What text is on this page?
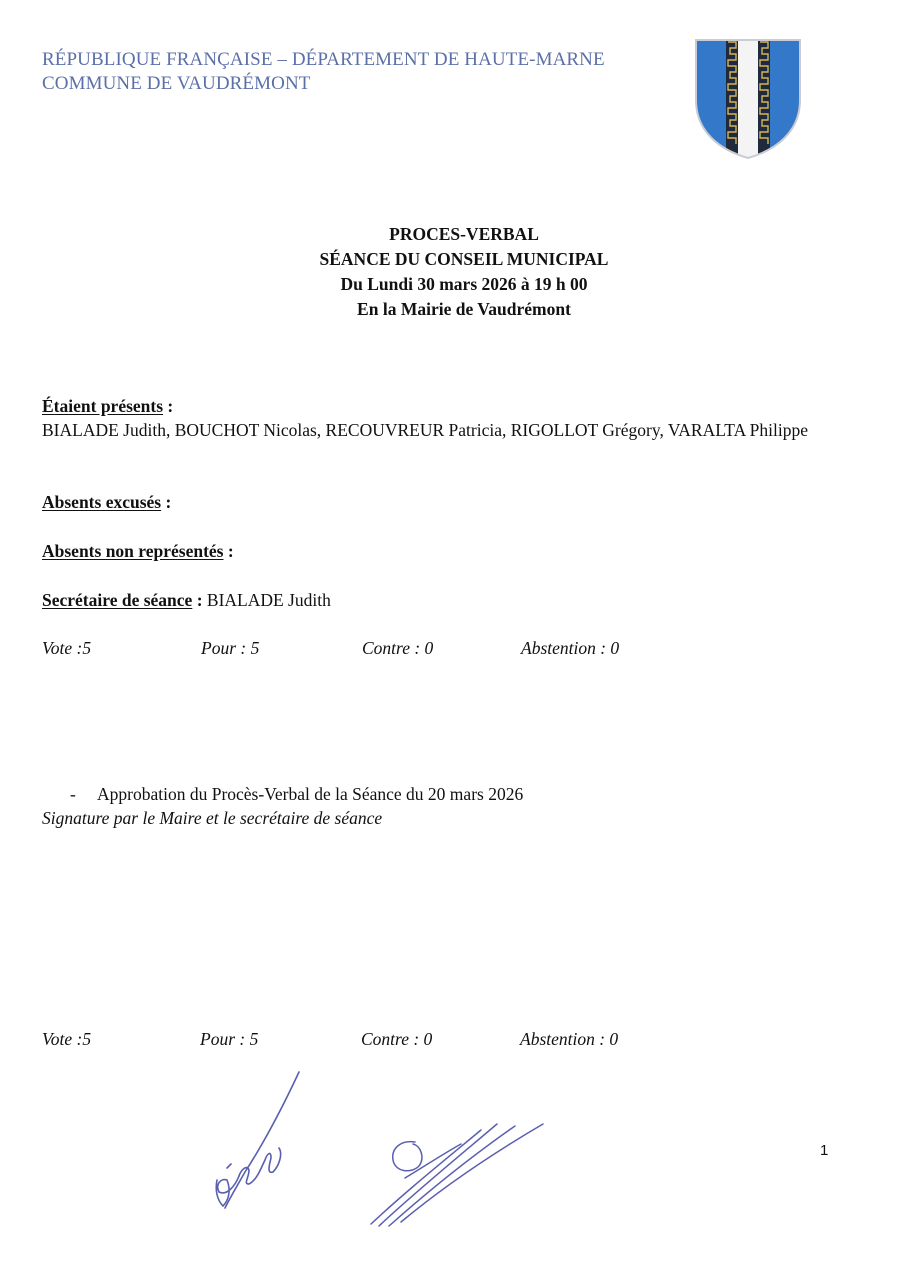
RÉPUBLIQUE FRANÇAISE – DÉPARTEMENT DE HAUTE-MARNE
COMMUNE DE VAUDRÉMONT
PROCES-VERBAL
SÉANCE DU CONSEIL MUNICIPAL
Du Lundi 30 mars 2026 à 19 h 00
En la Mairie de Vaudrémont
Étaient présents :
BIALADE Judith, BOUCHOT Nicolas, RECOUVREUR Patricia, RIGOLLOT Grégory, VARALTA Philippe
Absents excusés :
Absents non représentés :
Secrétaire de séance : BIALADE Judith
Vote :5	Pour : 5	Contre : 0	Abstention : 0
- Approbation du Procès-Verbal de la Séance du 20 mars 2026
Signature par le Maire et le secrétaire de séance
Vote :5	Pour : 5	Contre : 0	Abstention : 0
1
